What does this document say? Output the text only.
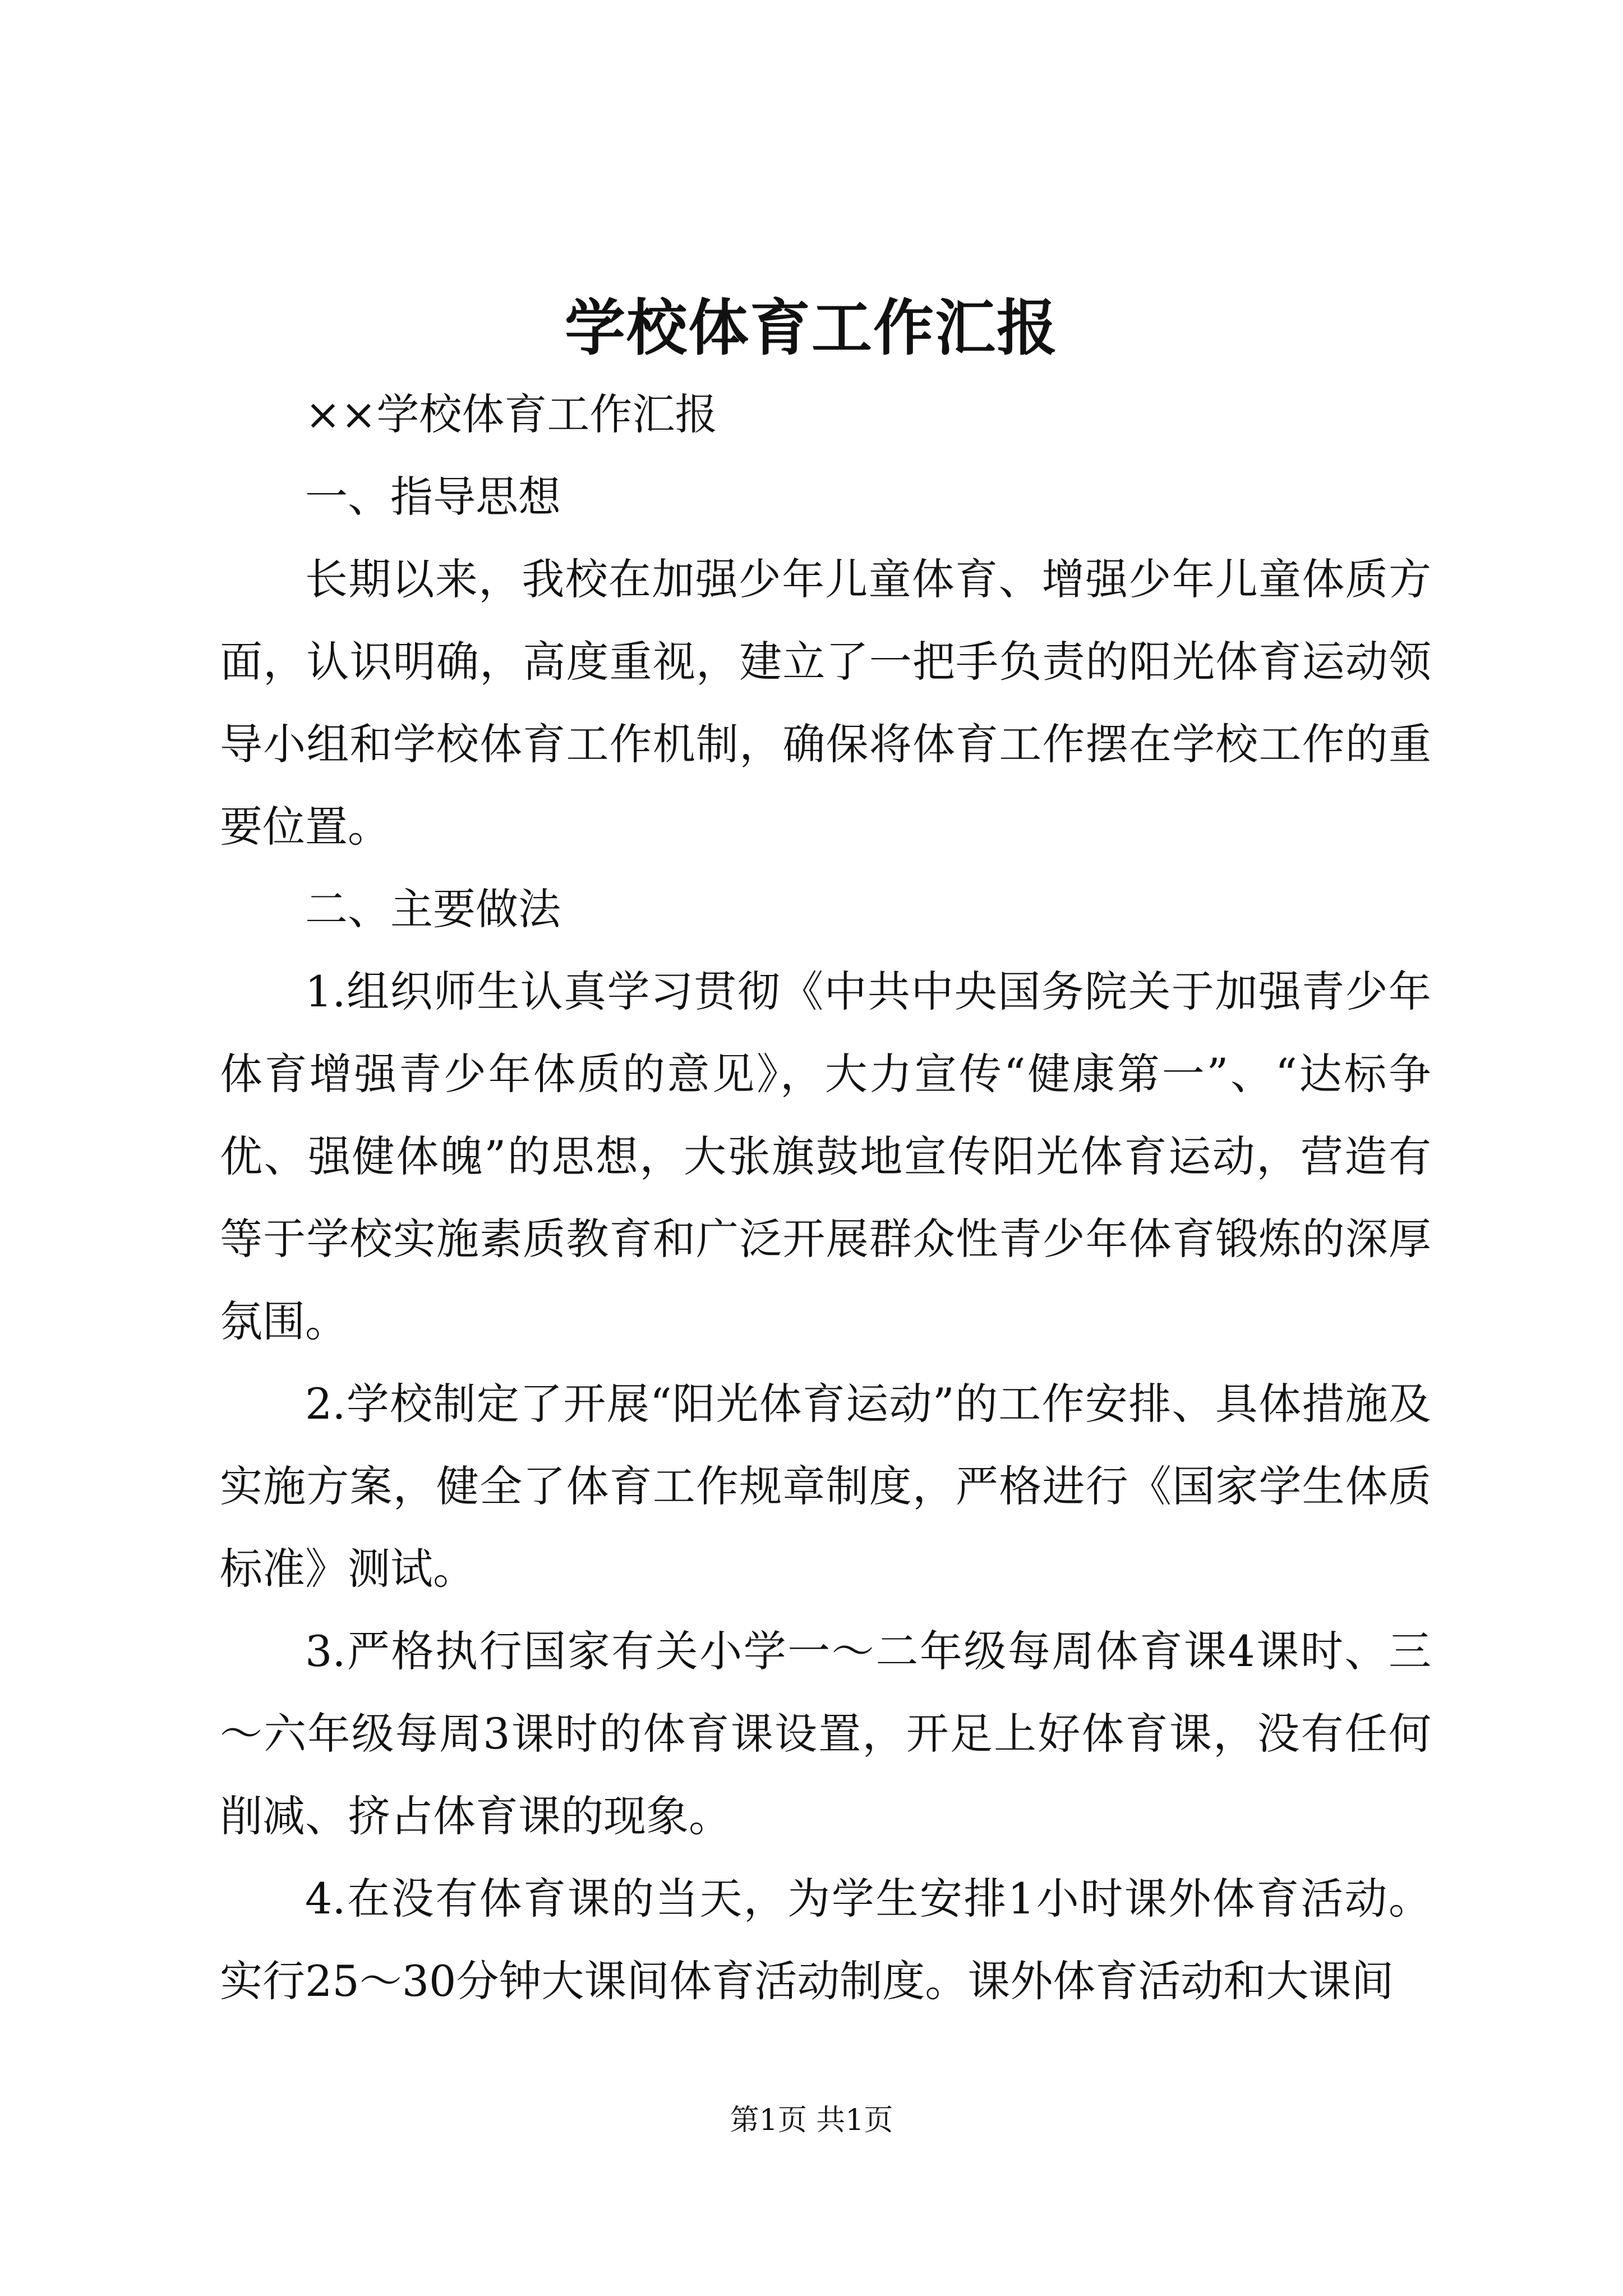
学校体育工作汇报

××学校体育工作汇报

一、指导思想

长期以来，我校在加强少年儿童体育、增强少年儿童体质方面，认识明确，高度重视，建立了一把手负责的阳光体育运动领导小组和学校体育工作机制，确保将体育工作摆在学校工作的重要位置。

二、主要做法

1.组织师生认真学习贯彻《中共中央国务院关于加强青少年体育增强青少年体质的意见》，大力宣传“健康第一”、“达标争优、强健体魄”的思想，大张旗鼓地宣传阳光体育运动，营造有等于学校实施素质教育和广泛开展群众性青少年体育锻炼的深厚氛围。

2.学校制定了开展“阳光体育运动”的工作安排、具体措施及实施方案，健全了体育工作规章制度，严格进行《国家学生体质标准》测试。

3.严格执行国家有关小学一～二年级每周体育课4课时、三～六年级每周3课时的体育课设置，开足上好体育课，没有任何削减、挤占体育课的现象。

4.在没有体育课的当天，为学生安排1小时课外体育活动。实行25～30分钟大课间体育活动制度。课外体育活动和大课间

第1页 共1页
